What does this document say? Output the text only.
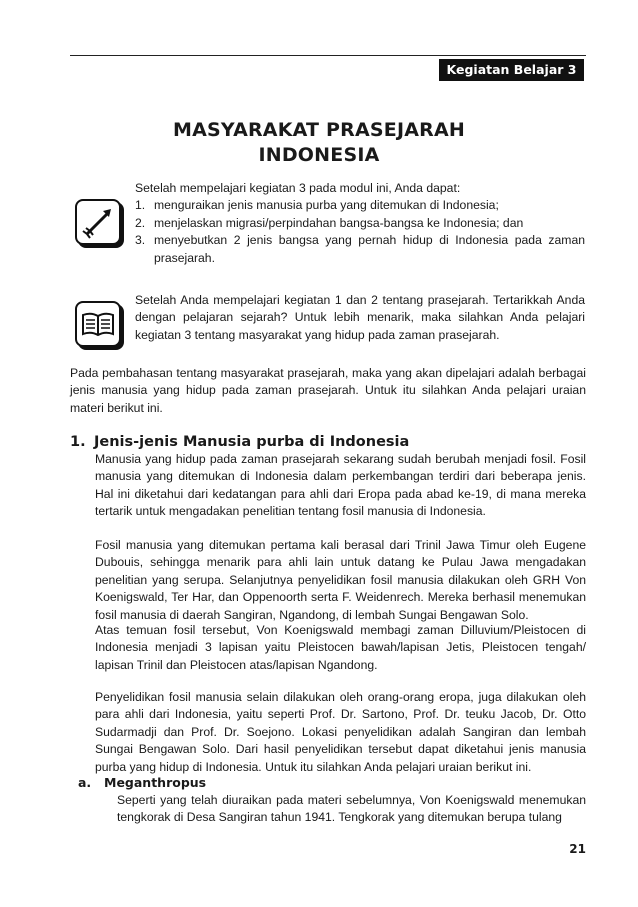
Kegiatan Belajar 3
MASYARAKAT PRASEJARAH
INDONESIA
Setelah mempelajari kegiatan 3 pada modul ini, Anda dapat:
1. menguraikan jenis manusia purba yang ditemukan di Indonesia;
2. menjelaskan migrasi/perpindahan bangsa-bangsa ke Indonesia; dan
3. menyebutkan 2 jenis bangsa yang pernah hidup di Indonesia pada zaman prasejarah.
Setelah Anda mempelajari kegiatan 1 dan 2 tentang prasejarah. Tertarikkah Anda dengan pelajaran sejarah? Untuk lebih menarik, maka silahkan Anda pelajari kegiatan 3 tentang masyarakat yang hidup pada zaman prasejarah.
Pada pembahasan tentang masyarakat prasejarah, maka yang akan dipelajari adalah berbagai jenis manusia yang hidup pada zaman prasejarah. Untuk itu silahkan Anda pelajari uraian materi berikut ini.
1. Jenis-jenis Manusia purba di Indonesia
Manusia yang hidup pada zaman prasejarah sekarang sudah berubah menjadi fosil. Fosil manusia yang ditemukan di Indonesia dalam perkembangan terdiri dari beberapa jenis. Hal ini diketahui dari kedatangan para ahli dari Eropa pada abad ke-19, di mana mereka tertarik untuk mengadakan penelitian tentang fosil manusia di Indonesia.
Fosil manusia yang ditemukan pertama kali berasal dari Trinil Jawa Timur oleh Eugene Dubouis, sehingga menarik para ahli lain untuk datang ke Pulau Jawa mengadakan penelitian yang serupa. Selanjutnya penyelidikan fosil manusia dilakukan oleh GRH Von Koenigswald, Ter Har, dan Oppenoorth serta F. Weidenrech. Mereka berhasil menemukan fosil manusia di daerah Sangiran, Ngandong, di lembah Sungai Bengawan Solo.
Atas temuan fosil tersebut, Von Koenigswald membagi zaman Dilluvium/Pleistocen di Indonesia menjadi 3 lapisan yaitu Pleistocen bawah/lapisan Jetis, Pleistocen tengah/ lapisan Trinil dan Pleistocen atas/lapisan Ngandong.
Penyelidikan fosil manusia selain dilakukan oleh orang-orang eropa, juga dilakukan oleh para ahli dari Indonesia, yaitu seperti Prof. Dr. Sartono, Prof. Dr. teuku Jacob, Dr. Otto Sudarmadji dan Prof. Dr. Soejono. Lokasi penyelidikan adalah Sangiran dan lembah Sungai Bengawan Solo. Dari hasil penyelidikan tersebut dapat diketahui jenis manusia purba yang hidup di Indonesia. Untuk itu silahkan Anda pelajari uraian berikut ini.
a. Meganthropus
Seperti yang telah diuraikan pada materi sebelumnya, Von Koenigswald menemukan tengkorak di Desa Sangiran tahun 1941. Tengkorak yang ditemukan berupa tulang
21
